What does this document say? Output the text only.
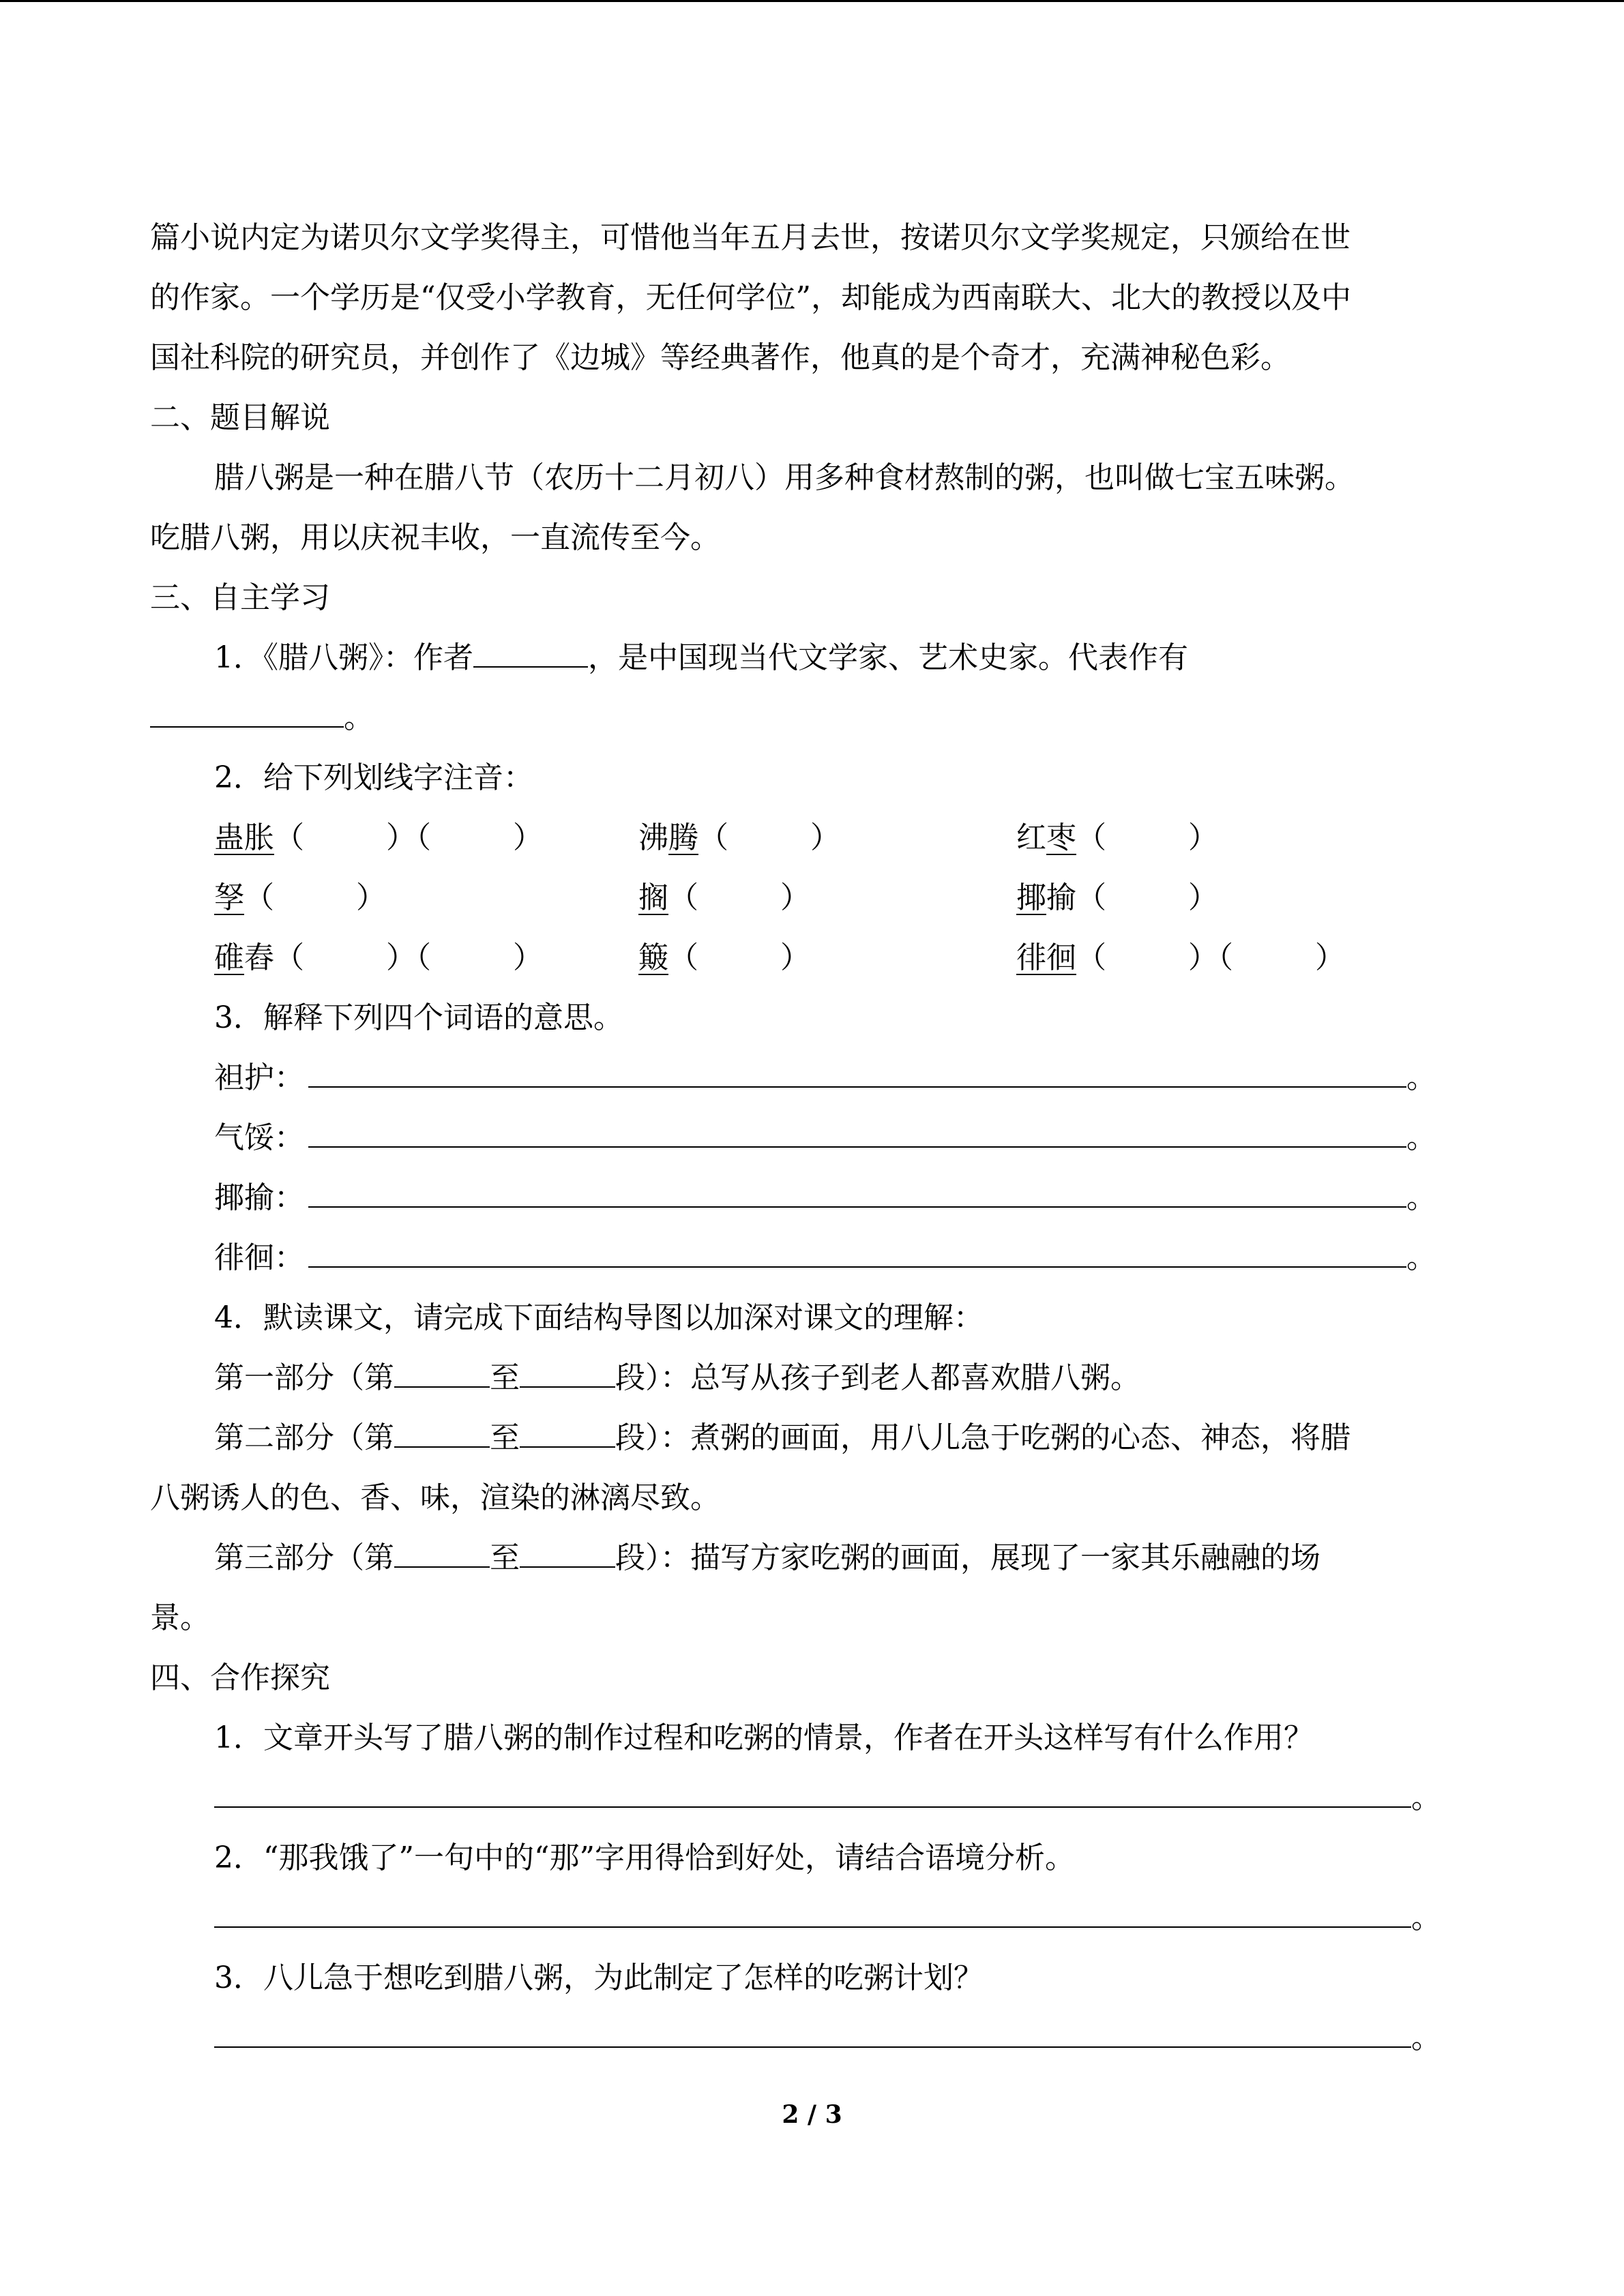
篇小说内定为诺贝尔文学奖得主，可惜他当年五月去世，按诺贝尔文学奖规定，只颁给在世
的作家。一个学历是“仅受小学教育，无任何学位”，却能成为西南联大、北大的教授以及中
国社科院的研究员，并创作了《边城》等经典著作，他真的是个奇才，充满神秘色彩。
二、题目解说
腊八粥是一种在腊八节（农历十二月初八）用多种食材熬制的粥，也叫做七宝五味粥。
吃腊八粥，用以庆祝丰收，一直流传至今。
三、自主学习
1．《腊八粥》：作者	，是中国现当代文学家、艺术史家。代表作有
。
2．给下列划线字注音：
蛊胀（	）（	）	沸腾（	）	红枣（	）
孥（	）	搁（	）	揶揄（	）
碓舂（	）（	）	簸（	）	徘徊（	）（	）
3．解释下列四个词语的意思。
袒护：	。
气馁：	。
揶揄：	。
徘徊：	。
4．默读课文，请完成下面结构导图以加深对课文的理解：
第一部分（第	至	段）：总写从孩子到老人都喜欢腊八粥。
第二部分（第	至	段）：煮粥的画面，用八儿急于吃粥的心态、神态，将腊
八粥诱人的色、香、味，渲染的淋漓尽致。
第三部分（第	至	段）：描写方家吃粥的画面，展现了一家其乐融融的场
景。
四、合作探究
1．文章开头写了腊八粥的制作过程和吃粥的情景，作者在开头这样写有什么作用？
。
2．“那我饿了”一句中的“那”字用得恰到好处，请结合语境分析。
。
3．八儿急于想吃到腊八粥，为此制定了怎样的吃粥计划？
。
2 / 3
